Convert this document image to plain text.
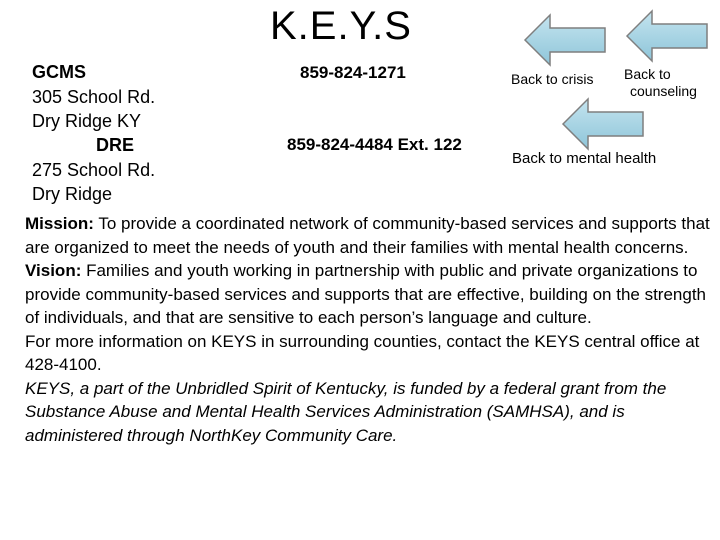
K.E.Y.S
GCMS
305 School Rd.
Dry Ridge KY
859-824-1271
DRE
275 School Rd.
Dry Ridge
859-824-4484 Ext. 122
Back to crisis Back to
counseling
Back to mental health

Mission: To provide a coordinated network of community-based services and supports that are organized to meet the needs of youth and their families with mental health concerns.

Vision: Families and youth working in partnership with public and private organizations to provide community-based services and supports that are effective, building on the strength of individuals, and that are sensitive to each person’s language and culture.

For more information on KEYS in surrounding counties, contact the KEYS central office at

428-4100.

KEYS, a part of the Unbridled Spirit of Kentucky, is funded by a federal grant from the Substance Abuse and Mental Health Services Administration (SAMHSA), and is administered through NorthKey Community Care.
